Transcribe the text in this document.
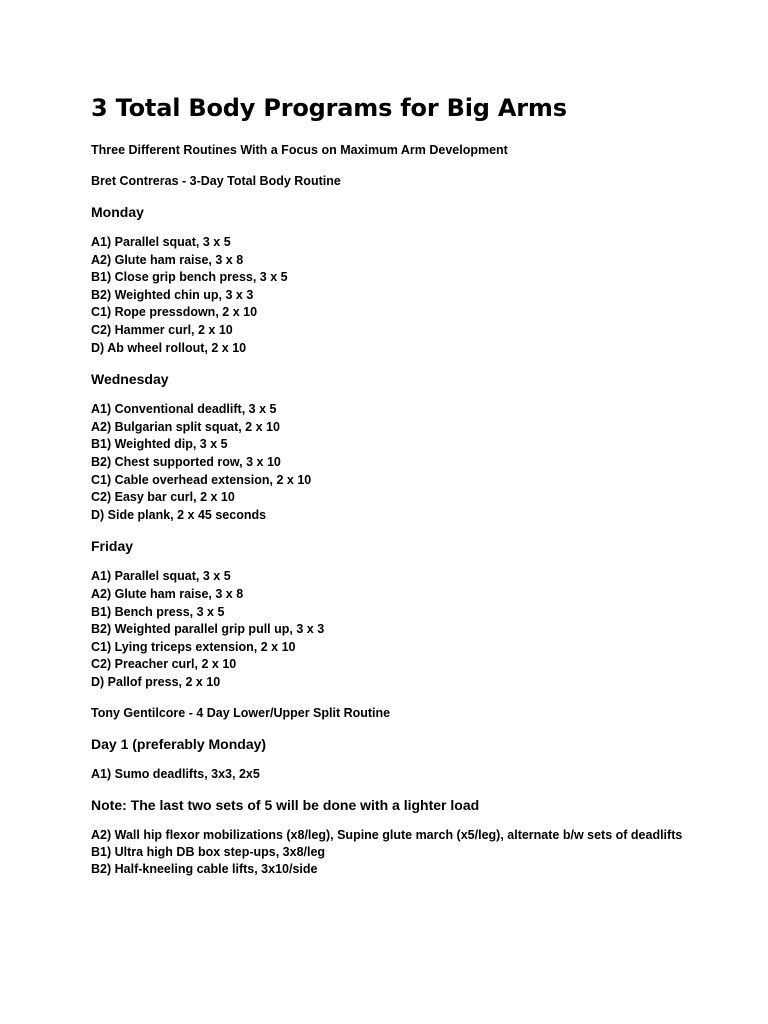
3 Total Body Programs for Big Arms

Three Different Routines With a Focus on Maximum Arm Development

Bret Contreras - 3-Day Total Body Routine

Monday
A1) Parallel squat, 3 x 5
A2) Glute ham raise, 3 x 8
B1) Close grip bench press, 3 x 5
B2) Weighted chin up, 3 x 3
C1) Rope pressdown, 2 x 10
C2) Hammer curl, 2 x 10
D) Ab wheel rollout, 2 x 10
Wednesday
A1) Conventional deadlift, 3 x 5
A2) Bulgarian split squat, 2 x 10
B1) Weighted dip, 3 x 5
B2) Chest supported row, 3 x 10
C1) Cable overhead extension, 2 x 10
C2) Easy bar curl, 2 x 10
D) Side plank, 2 x 45 seconds
Friday
A1) Parallel squat, 3 x 5
A2) Glute ham raise, 3 x 8
B1) Bench press, 3 x 5
B2) Weighted parallel grip pull up, 3 x 3
C1) Lying triceps extension, 2 x 10
C2) Preacher curl, 2 x 10
D) Pallof press, 2 x 10

Tony Gentilcore - 4 Day Lower/Upper Split Routine

Day 1 (preferably Monday)
A1) Sumo deadlifts, 3x3, 2x5
Note: The last two sets of 5 will be done with a lighter load
A2) Wall hip flexor mobilizations (x8/leg), Supine glute march (x5/leg), alternate b/w sets of deadlifts
B1) Ultra high DB box step-ups, 3x8/leg
B2) Half-kneeling cable lifts, 3x10/side
